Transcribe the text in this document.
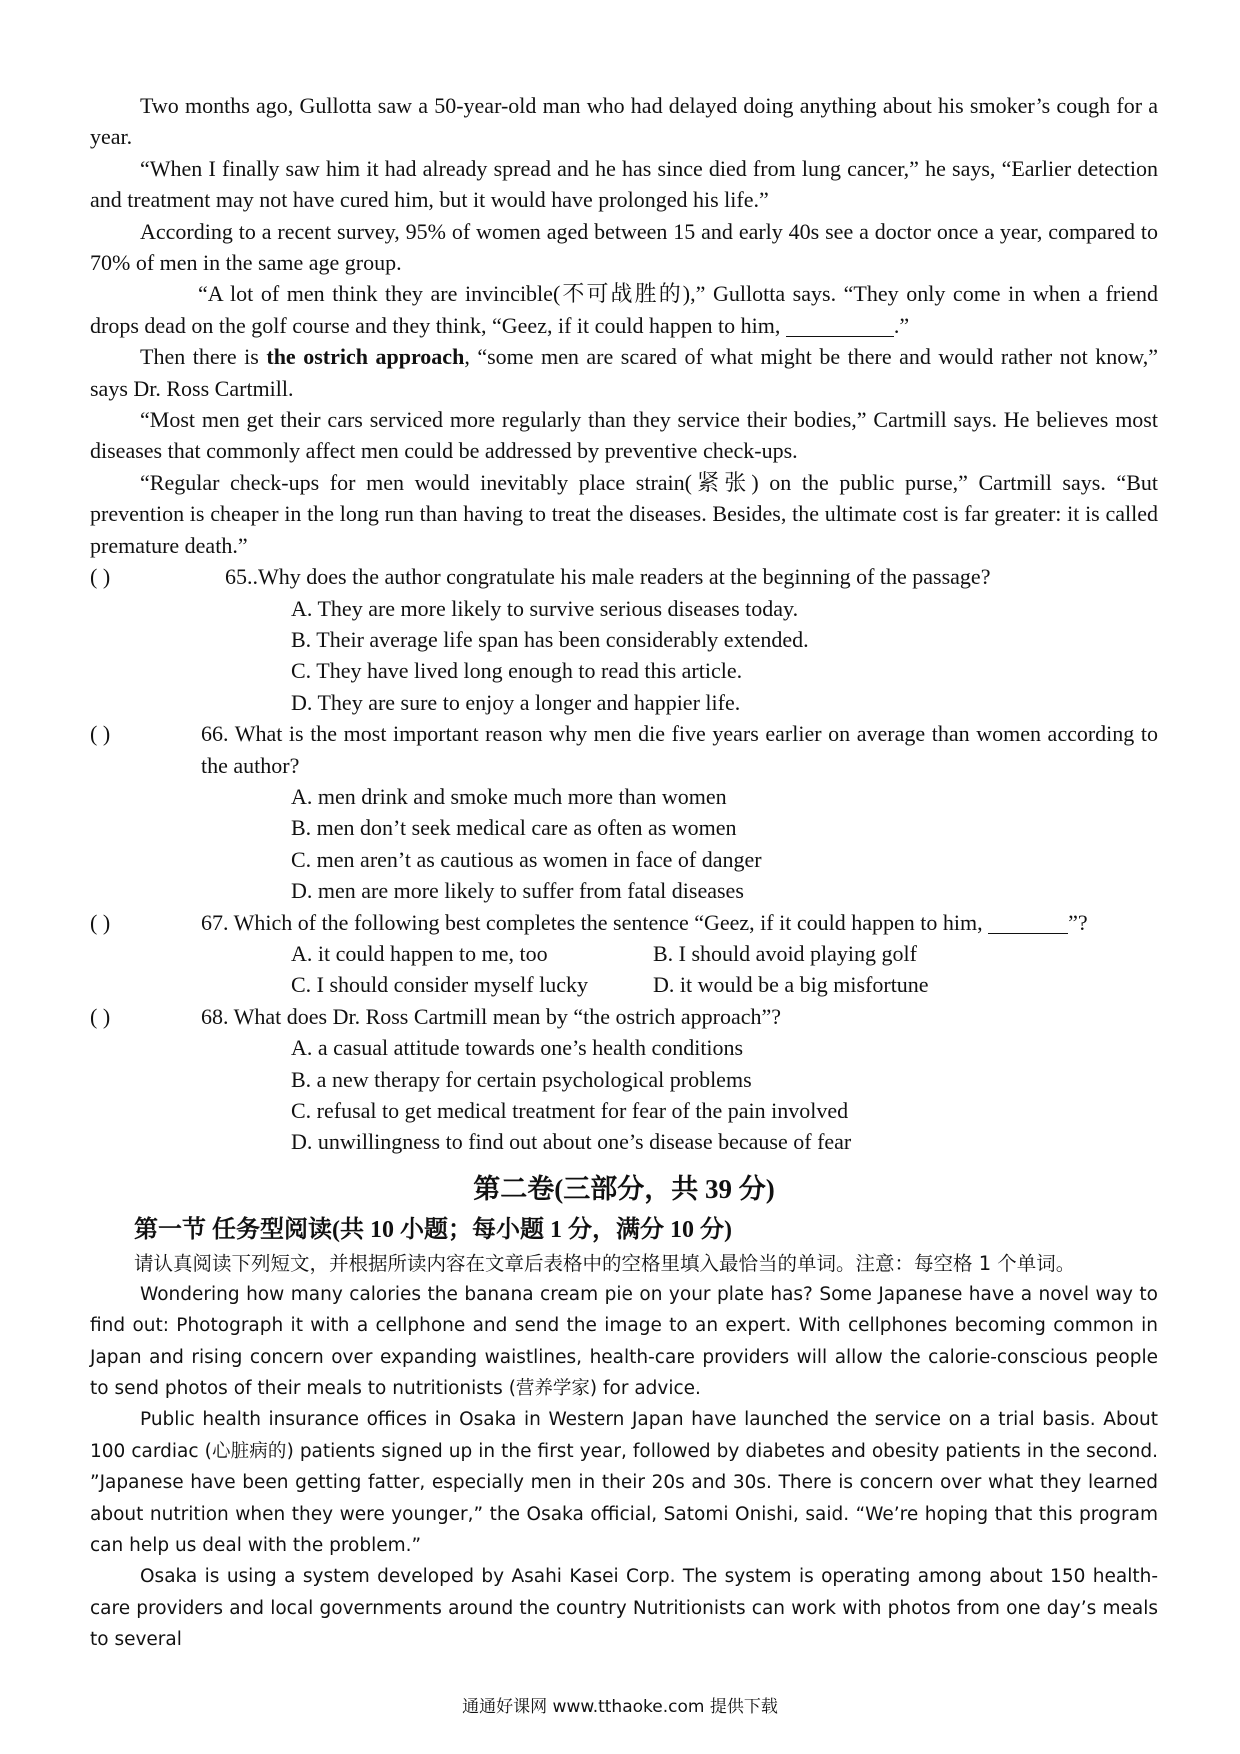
Two months ago, Gullotta saw a 50-year-old man who had delayed doing anything about his smoker’s cough for a year.

“When I finally saw him it had already spread and he has since died from lung cancer,” he says, “Earlier detection and treatment may not have cured him, but it would have prolonged his life.”

According to a recent survey, 95% of women aged between 15 and early 40s see a doctor once a year, compared to 70% of men in the same age group.

“A lot of men think they are invincible(不可战胜的),” Gullotta says. “They only come in when a friend drops dead on the golf course and they think, “Geez, if it could happen to him,	.”

Then there is the ostrich approach, “some men are scared of what might be there and would rather not know,” says Dr. Ross Cartmill.

“Most men get their cars serviced more regularly than they service their bodies,” Cartmill says. He believes most diseases that commonly affect men could be addressed by preventive check-ups.

“Regular check-ups for men would inevitably place strain(紧张) on the public purse,” Cartmill says. “But prevention is cheaper in the long run than having to treat the diseases. Besides, the ultimate cost is far greater: it is called premature death.”

( )	65..Why does the author congratulate his male readers at the beginning of the passage?
A. They are more likely to survive serious diseases today.
B. Their average life span has been considerably extended.
C. They have lived long enough to read this article.
D. They are sure to enjoy a longer and happier life.
( )	66. What is the most important reason why men die five years earlier on average than women according to the author?
A. men drink and smoke much more than women
B. men don’t seek medical care as often as women
C. men aren’t as cautious as women in face of danger
D. men are more likely to suffer from fatal diseases
( )	67. Which of the following best completes the sentence “Geez, if it could happen to him,	”?
A. it could happen to me, too	B. I should avoid playing golf
C. I should consider myself lucky	D. it would be a big misfortune
( )	68. What does Dr. Ross Cartmill mean by “the ostrich approach”?
A. a casual attitude towards one’s health conditions
B. a new therapy for certain psychological problems
C. refusal to get medical treatment for fear of the pain involved
D. unwillingness to find out about one’s disease because of fear
第二卷(三部分，共 39 分)
第一节 任务型阅读(共 10 小题；每小题 1 分，满分 10 分)
请认真阅读下列短文，并根据所读内容在文章后表格中的空格里填入最恰当的单词。注意：每空格 1 个单词。

Wondering how many calories the banana cream pie on your plate has? Some Japanese have a novel way to find out: Photograph it with a cellphone and send the image to an expert. With cellphones becoming common in Japan and rising concern over expanding waistlines, health-care providers will allow the calorie-conscious people to send photos of their meals to nutritionists (营养学家) for advice.

Public health insurance offices in Osaka in Western Japan have launched the service on a trial basis. About 100 cardiac (心脏病的) patients signed up in the first year, followed by diabetes and obesity patients in the second. ”Japanese have been getting fatter, especially men in their 20s and 30s. There is concern over what they learned about nutrition when they were younger,” the Osaka official, Satomi Onishi, said. “We’re hoping that this program can help us deal with the problem.”

Osaka is using a system developed by Asahi Kasei Corp. The system is operating among about 150 health-care providers and local governments around the country Nutritionists can work with photos from one day’s meals to several

通通好课网 www.tthaoke.com 提供下载
